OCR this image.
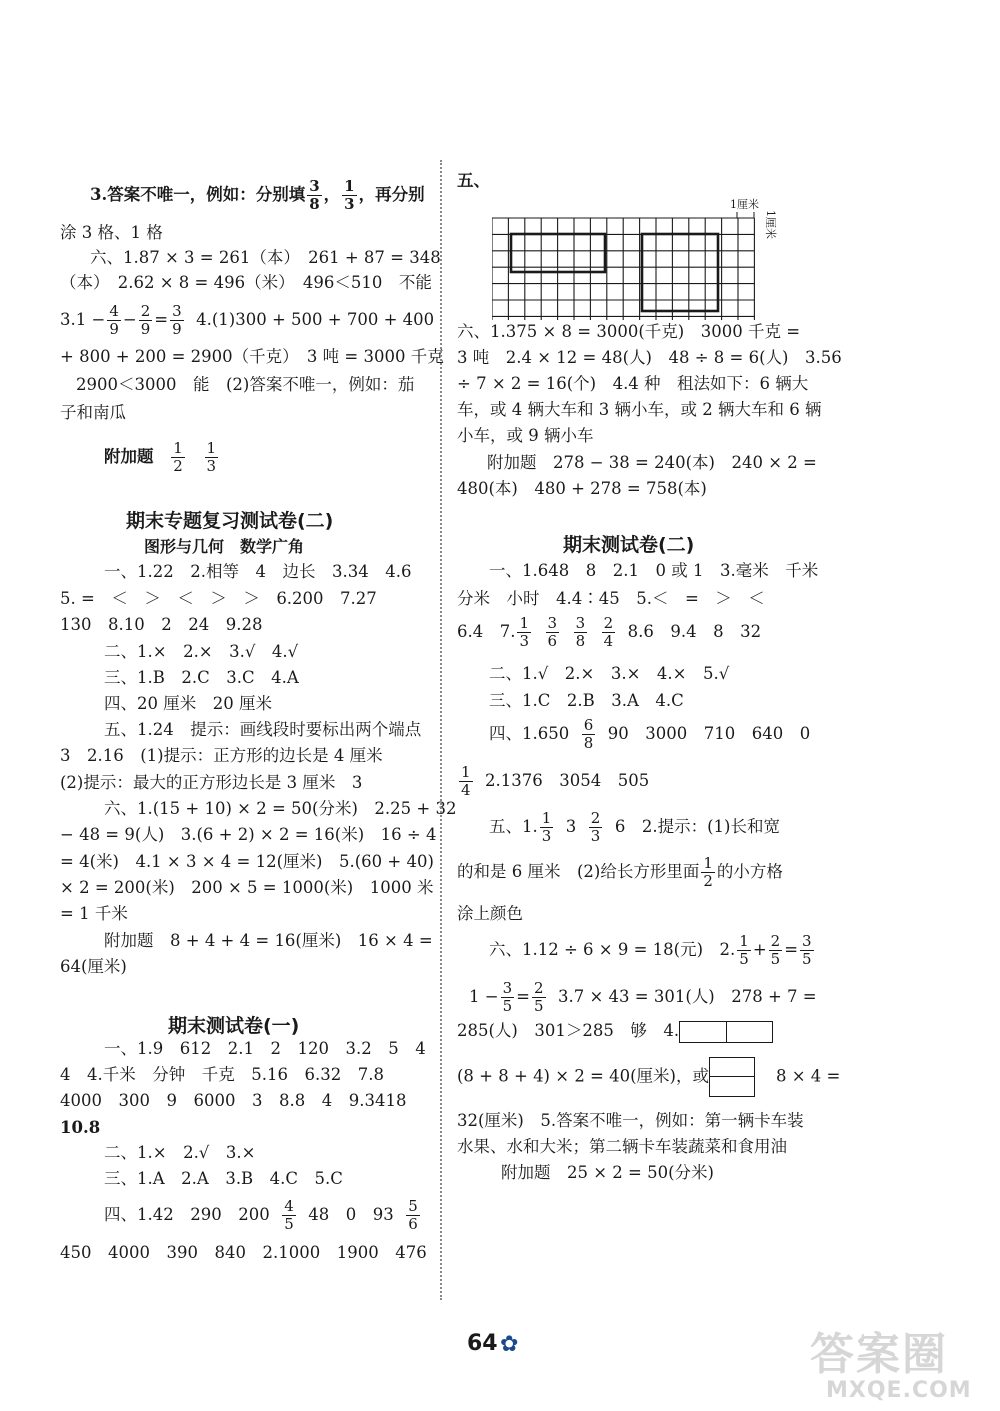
3.答案不唯一，例如：分别填 $\frac{3}{8}$ ， $\frac{1}{3}$ ，再分别
涂 3 格、1 格
六、1.87 × 3 = 261（本）　261 + 87 = 348
（本）　2.62 × 8 = 496（米）　496＜510　不能
$3.1 - \frac{4}{9} - \frac{2}{9} = \frac{3}{9} 4.(1)300 + 500 + 700 + 400$
+ 800 + 200 = 2900（千克）　3 吨 = 3000 千克
2900＜3000　能　(2)答案不唯一，例如：茄
子和南瓜
附加题 $\frac{1}{2}$
$\frac{1}{3}$
期末专题复习测试卷(二)
图形与几何　数学广角
一、1.22　2.相等　4　边长　3.34　4.6
5. =　＜　＞　＜　＞　＞　6.200　7.27
130　8.10　2　24　9.28
二、1.×　2.×　3.√　4.√
三、1.B　2.C　3.C　4.A
四、20 厘米　20 厘米
五、1.24　提示：画线段时要标出两个端点
3　2.16　(1)提示：正方形的边长是 4 厘米
(2)提示：最大的正方形边长是 3 厘米　3
六、1.(15 + 10) × 2 = 50(分米)　2.25 + 32
− 48 = 9(人)　3.(6 + 2) × 2 = 16(米)　16 ÷ 4
= 4(米)　4.1 × 3 × 4 = 12(厘米)　5.(60 + 40)
× 2 = 200(米)　200 × 5 = 1000(米)　1000 米
= 1 千米
附加题　8 + 4 + 4 = 16(厘米)　16 × 4 =
64(厘米)
期末测试卷(一)
一、1.9　612　2.1　2　120　3.2　5　4
4　4.千米　分钟　千克　5.16　6.32　7.8
4000　300　9　6000　3　8.8　4　9.3418
10.8
二、1.×　2.√　3.×
三、1.A　2.A　3.B　4.C　5.C
四、1.42　290　$200 \frac{4}{5} 48$　0　$93 \frac{5}{6}$
450　4000　390　840　2.1000　1900　476
五、
1厘米
1厘米
六、1.375 × 8 = 3000(千克)　3000 千克 =
3 吨　2.4 × 12 = 48(人)　48 ÷ 8 = 6(人)　3.56
÷ 7 × 2 = 16(个)　4.4 种　租法如下：6 辆大
车，或 4 辆大车和 3 辆小车，或 2 辆大车和 6 辆
小车，或 9 辆小车
附加题　278 − 38 = 240(本)　240 × 2 =
480(本)　480 + 278 = 758(本)
期末测试卷(二)
一、1.648　8　2.1　0 或 1　3.毫米　千米
分米　小时　4.4∶45　5.＜　=　＞　＜
6.4　7. $\frac{1}{3}$
$\frac{3}{6}$
$\frac{3}{8}$
$\frac{2}{4} 8.6$　9.4　8　32
二、1.√　2.×　3.×　4.×　5.√
三、1.C　2.B　3.A　4.C
四、$1.650 \frac{6}{8} 90$　3000　710　640　0
$\frac{1}{4} 2.1376$　3054　505
五、1. $\frac{1}{3} 3 \frac{2}{3} 6$　2.提示：(1)长和宽
的和是 6 厘米　(2)给长方形里面 $\frac{1}{2}$ 的小方格
涂上颜色
六、1.12 ÷ 6 × 9 = 18(元)　2. $\frac{1}{5} + \frac{2}{5} = \frac{3}{5}$
$1 - \frac{3}{5} = \frac{2}{5} 3.7 \times 43 = 301$(人)　278 + 7 =
285(人)　301＞285　够　4.
(8 + 8 + 4) × 2 = 40(厘米)，或	8 × 4 =
32(厘米)　5.答案不唯一，例如：第一辆卡车装
水果、水和大米；第二辆卡车装蔬菜和食用油
附加题　25 × 2 = 50(分米)
64 ✿	答案圈
MXQE.COM
